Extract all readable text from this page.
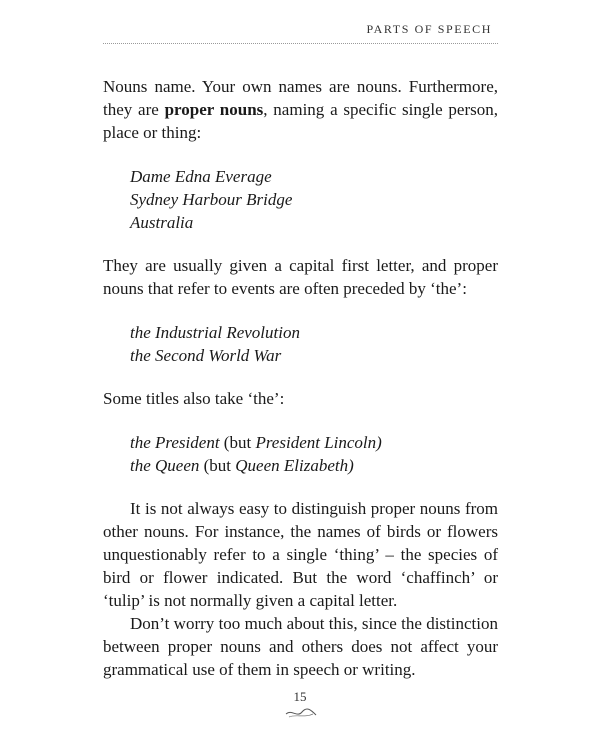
PARTS OF SPEECH

Nouns name. Your own names are nouns. Furthermore, they are proper nouns, naming a specific single person, place or thing:

Dame Edna Everage

Sydney Harbour Bridge

Australia

They are usually given a capital first letter, and proper nouns that refer to events are often preceded by ‘the’:

the Industrial Revolution

the Second World War

Some titles also take ‘the’:

the President (but President Lincoln)

the Queen (but Queen Elizabeth)

It is not always easy to distinguish proper nouns from other nouns. For instance, the names of birds or flowers unquestionably refer to a single ‘thing’ – the species of bird or flower indicated. But the word ‘chaffinch’ or ‘tulip’ is not normally given a capital letter.

Don’t worry too much about this, since the distinction between proper nouns and others does not affect your grammatical use of them in speech or writing.

15
